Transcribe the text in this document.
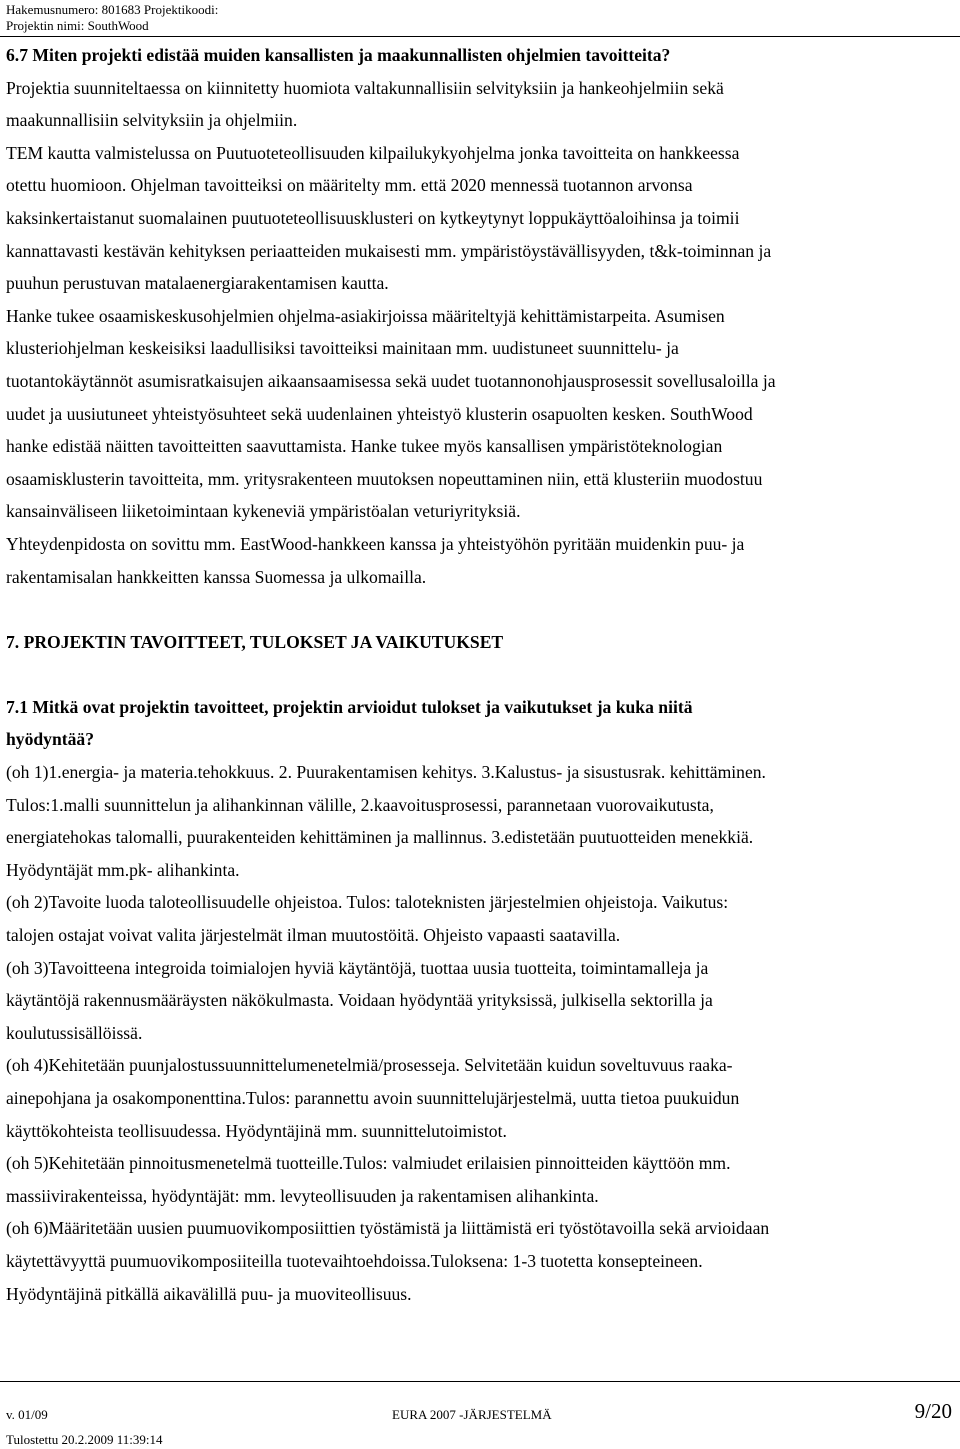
Hakemusnumero: 801683 Projektikoodi:
Projektin nimi: SouthWood
6.7 Miten projekti edistää muiden kansallisten ja maakunnallisten ohjelmien tavoitteita?
Projektia suunniteltaessa on kiinnitetty huomiota valtakunnallisiin selvityksiin ja hankeohjelmiin sekä
maakunnallisiin selvityksiin ja ohjelmiin.
TEM kautta valmistelussa on Puutuoteteollisuuden kilpailukykyohjelma jonka tavoitteita on hankkeessa
otettu huomioon. Ohjelman tavoitteiksi on määritelty mm. että 2020 mennessä tuotannon arvonsa
kaksinkertaistanut suomalainen puutuoteteollisuusklusteri on kytkeytynyt loppukäyttöaloihinsa ja toimii
kannattavasti kestävän kehityksen periaatteiden mukaisesti mm. ympäristöystävällisyyden, t&k-toiminnan ja
puuhun perustuvan matalaenergiarakentamisen kautta.
Hanke tukee osaamiskeskusohjelmien ohjelma-asiakirjoissa määriteltyjä kehittämistarpeita. Asumisen
klusteriohjelman keskeisiksi laadullisiksi tavoitteiksi mainitaan mm. uudistuneet suunnittelu- ja
tuotantokäytännöt asumisratkaisujen aikaansaamisessa sekä uudet tuotannonohjausprosessit sovellusaloilla ja
uudet ja uusiutuneet yhteistyösuhteet sekä uudenlainen yhteistyö klusterin osapuolten kesken. SouthWood
hanke edistää näitten tavoitteitten saavuttamista. Hanke tukee myös kansallisen ympäristöteknologian
osaamisklusterin tavoitteita, mm. yritysrakenteen muutoksen nopeuttaminen niin, että klusteriin muodostuu
kansainväliseen liiketoimintaan kykeneviä ympäristöalan veturiyrityksiä.
Yhteydenpidosta on sovittu mm. EastWood-hankkeen kanssa ja yhteistyöhön pyritään muidenkin puu- ja
rakentamisalan hankkeitten kanssa Suomessa ja ulkomailla.
7. PROJEKTIN TAVOITTEET, TULOKSET JA VAIKUTUKSET
7.1 Mitkä ovat projektin tavoitteet, projektin arvioidut tulokset ja vaikutukset ja kuka niitä
hyödyntää?
(oh 1)1.energia- ja materia.tehokkuus. 2. Puurakentamisen kehitys. 3.Kalustus- ja sisustusrak. kehittäminen.
Tulos:1.malli suunnittelun ja alihankinnan välille, 2.kaavoitusprosessi, parannetaan vuorovaikutusta,
energiatehokas talomalli, puurakenteiden kehittäminen ja mallinnus. 3.edistetään puutuotteiden menekkiä.
Hyödyntäjät mm.pk- alihankinta.
(oh 2)Tavoite luoda taloteollisuudelle ohjeistoa. Tulos: taloteknisten järjestelmien ohjeistoja. Vaikutus:
talojen ostajat voivat valita järjestelmät ilman muutostöitä. Ohjeisto vapaasti saatavilla.
(oh 3)Tavoitteena integroida toimialojen hyviä käytäntöjä, tuottaa uusia tuotteita, toimintamalleja ja
käytäntöjä rakennusmääräysten näkökulmasta. Voidaan hyödyntää yrityksissä, julkisella sektorilla ja
koulutussisällöissä.
(oh 4)Kehitetään puunjalostussuunnittelumenetelmiä/prosesseja. Selvitetään kuidun soveltuvuus raaka-
ainepohjana ja osakomponenttina.Tulos: parannettu avoin suunnittelujärjestelmä, uutta tietoa puukuidun
käyttökohteista teollisuudessa. Hyödyntäjinä mm. suunnittelutoimistot.
(oh 5)Kehitetään pinnoitusmenetelmä tuotteille.Tulos: valmiudet erilaisien pinnoitteiden käyttöön mm.
massiivirakenteissa, hyödyntäjät: mm. levyteollisuuden ja rakentamisen alihankinta.
(oh 6)Määritetään uusien puumuovikomposiittien työstämistä ja liittämistä eri työstötavoilla sekä arvioidaan
käytettävyyttä puumuovikomposiiteilla tuotevaihtoehdoissa.Tuloksena: 1-3 tuotetta konsepteineen.
Hyödyntäjinä pitkällä aikavälillä puu- ja muoviteollisuus.
v. 01/09
Tulostettu 20.2.2009 11:39:14
EURA 2007 -JÄRJESTELMÄ	9/20
